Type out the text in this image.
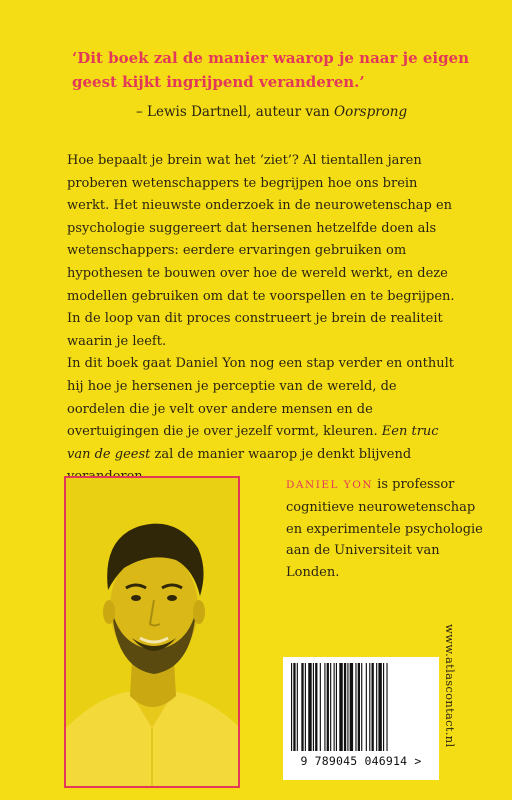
‘Dit boek zal de manier waarop je naar je eigen geest kijkt ingrijpend veranderen.’

– Lewis Dartnell, auteur van Oorsprong

Hoe bepaalt je brein wat het ‘ziet’? Al tientallen jaren proberen wetenschappers te begrijpen hoe ons brein werkt. Het nieuwste onderzoek in de neurowetenschap en psychologie suggereert dat hersenen hetzelfde doen als wetenschappers: eerdere ervaringen gebruiken om hypothesen te bouwen over hoe de wereld werkt, en deze modellen gebruiken om dat te voorspellen en te begrijpen. In de loop van dit proces construeert je brein de realiteit waarin je leeft.

In dit boek gaat Daniel Yon nog een stap verder en onthult hij hoe je hersenen je perceptie van de wereld, de oordelen die je velt over andere mensen en de overtuigingen die je over jezelf vormt, kleuren. Een truc van de geest zal de manier waarop je denkt blijvend

DANIEL YON is professor cognitieve neurowetenschap en experimentele psychologie aan de Universiteit van Londen.

www.atlascontact.nl
9 789045 046914 >
